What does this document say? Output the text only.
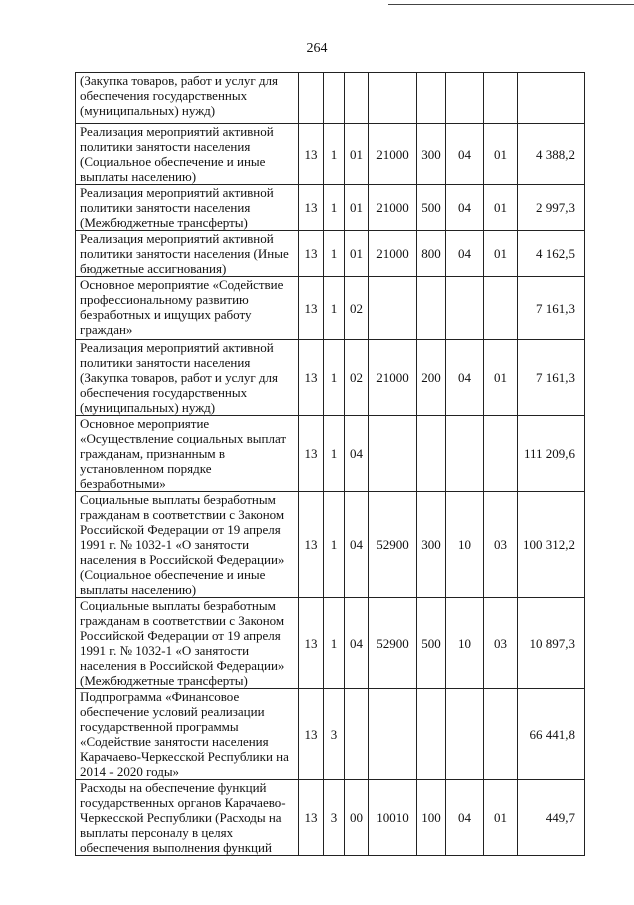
264
(Закупка товаров, работ и услуг для обеспечения государственных (муниципальных) нужд)								
Реализация мероприятий активной политики занятости населения (Социальное обеспечение и иные выплаты населению)	13	1	01	21000	300	04	01	4 388,2
Реализация мероприятий активной политики занятости населения (Межбюджетные трансферты)	13	1	01	21000	500	04	01	2 997,3
Реализация мероприятий активной политики занятости населения (Иные бюджетные ассигнования)	13	1	01	21000	800	04	01	4 162,5
Основное мероприятие «Содействие профессиональному развитию безработных и ищущих работу граждан»	13	1	02					7 161,3
Реализация мероприятий активной политики занятости населения (Закупка товаров, работ и услуг для обеспечения государственных (муниципальных) нужд)	13	1	02	21000	200	04	01	7 161,3
Основное мероприятие «Осуществление социальных выплат гражданам, признанным в установленном порядке безработными»	13	1	04					111 209,6
Социальные выплаты безработным гражданам в соответствии с Законом Российской Федерации от 19 апреля 1991 г. № 1032-1 «О занятости населения в Российской Федерации» (Социальное обеспечение и иные выплаты населению)	13	1	04	52900	300	10	03	100 312,2
Социальные выплаты безработным гражданам в соответствии с Законом Российской Федерации от 19 апреля 1991 г. № 1032-1 «О занятости населения в Российской Федерации» (Межбюджетные трансферты)	13	1	04	52900	500	10	03	10 897,3
Подпрограмма «Финансовое обеспечение условий реализации государственной программы «Содействие занятости населения Карачаево-Черкесской Республики на 2014 - 2020 годы»	13	3						66 441,8
Расходы на обеспечение функций государственных органов Карачаево-Черкесской Республики (Расходы на выплаты персоналу в целях обеспечения выполнения функций	13	3	00	10010	100	04	01	449,7
